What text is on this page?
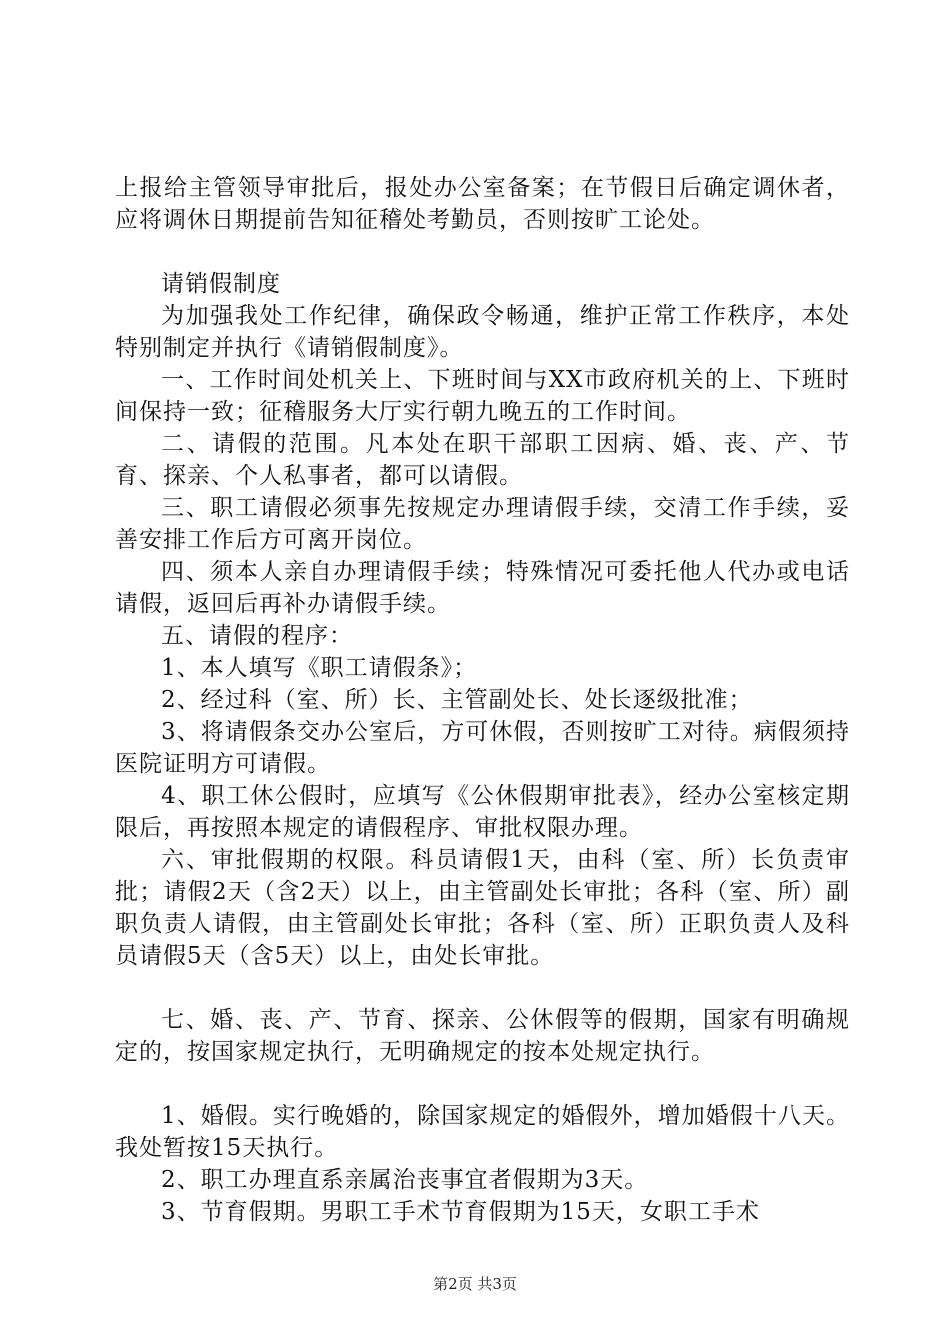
上报给主管领导审批后，报处办公室备案；在节假日后确定调休者，应将调休日期提前告知征稽处考勤员，否则按旷工论处。

请销假制度

为加强我处工作纪律，确保政令畅通，维护正常工作秩序，本处特别制定并执行《请销假制度》。

一、工作时间处机关上、下班时间与XX市政府机关的上、下班时间保持一致；征稽服务大厅实行朝九晚五的工作时间。

二、请假的范围。凡本处在职干部职工因病、婚、丧、产、节育、探亲、个人私事者，都可以请假。

三、职工请假必须事先按规定办理请假手续，交清工作手续，妥善安排工作后方可离开岗位。

四、须本人亲自办理请假手续；特殊情况可委托他人代办或电话请假，返回后再补办请假手续。

五、请假的程序：

1、本人填写《职工请假条》；

2、经过科（室、所）长、主管副处长、处长逐级批准；

3、将请假条交办公室后，方可休假，否则按旷工对待。病假须持医院证明方可请假。

4、职工休公假时，应填写《公休假期审批表》，经办公室核定期限后，再按照本规定的请假程序、审批权限办理。

六、审批假期的权限。科员请假1天，由科（室、所）长负责审批；请假2天（含2天）以上，由主管副处长审批；各科（室、所）副职负责人请假，由主管副处长审批；各科（室、所）正职负责人及科员请假5天（含5天）以上，由处长审批。

七、婚、丧、产、节育、探亲、公休假等的假期，国家有明确规定的，按国家规定执行，无明确规定的按本处规定执行。

1、婚假。实行晚婚的，除国家规定的婚假外，增加婚假十八天。我处暂按15天执行。

2、职工办理直系亲属治丧事宜者假期为3天。

3、节育假期。男职工手术节育假期为15天，女职工手术

第2页 共3页
